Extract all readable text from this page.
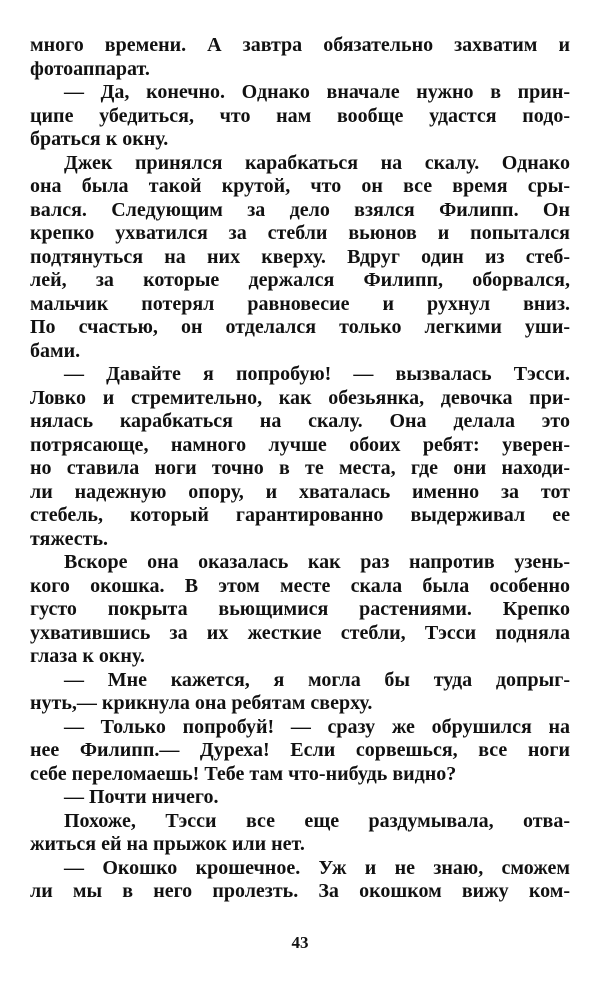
много времени. А завтра обязательно захватим и
фотоаппарат.
— Да, конечно. Однако вначале нужно в прин-
ципе убедиться, что нам вообще удастся подо-
браться к окну.
Джек принялся карабкаться на скалу. Однако
она была такой крутой, что он все время сры-
вался. Следующим за дело взялся Филипп. Он
крепко ухватился за стебли вьюнов и попытался
подтянуться на них кверху. Вдруг один из стеб-
лей, за которые держался Филипп, оборвался,
мальчик потерял равновесие и рухнул вниз.
По счастью, он отделался только легкими уши-
бами.
— Давайте я попробую! — вызвалась Тэсси.
Ловко и стремительно, как обезьянка, девочка при-
нялась карабкаться на скалу. Она делала это
потрясающе, намного лучше обоих ребят: уверен-
но ставила ноги точно в те места, где они находи-
ли надежную опору, и хваталась именно за тот
стебель, который гарантированно выдерживал ее
тяжесть.
Вскоре она оказалась как раз напротив узень-
кого окошка. В этом месте скала была особенно
густо покрыта вьющимися растениями. Крепко
ухватившись за их жесткие стебли, Тэсси подняла
глаза к окну.
— Мне кажется, я могла бы туда допрыг-
нуть,— крикнула она ребятам сверху.
— Только попробуй! — сразу же обрушился на
нее Филипп.— Дуреха! Если сорвешься, все ноги
себе переломаешь! Тебе там что-нибудь видно?
— Почти ничего.
Похоже, Тэсси все еще раздумывала, отва-
житься ей на прыжок или нет.
— Окошко крошечное. Уж и не знаю, сможем
ли мы в него пролезть. За окошком вижу ком-
43
